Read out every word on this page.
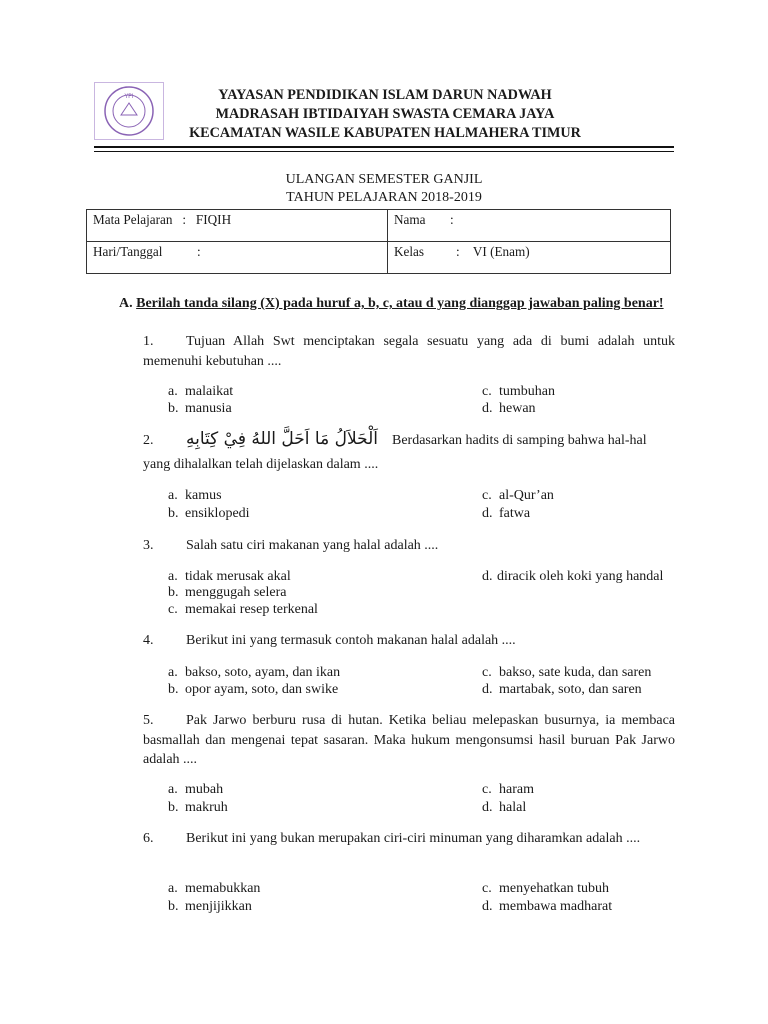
YPI	YAYASAN PENDIDIKAN ISLAM DARUN NADWAH
MADRASAH IBTIDAIYAH SWASTA CEMARA JAYA
KECAMATAN WASILE KABUPATEN HALMAHERA TIMUR
ULANGAN SEMESTER GANJIL
TAHUN PELAJARAN 2018-2019
Mata Pelajaran : FIQIH	Nama :
Hari/Tanggal :	Kelas : VI (Enam)
A. Berilah tanda silang (X) pada huruf a, b, c, atau d yang dianggap jawaban paling benar!
1. Tujuan Allah Swt menciptakan segala sesuatu yang ada di bumi adalah untuk memenuhi kebutuhan ....
a. malaikat
b. manusia
c. tumbuhan
d. hewan
2. اَلْحَلاَلُ مَا اَحَلَّ اللهُ فِيْ كِتَابِهِ Berdasarkan hadits di samping bahwa hal-hal
yang dihalalkan telah dijelaskan dalam ....
a. kamus
b. ensiklopedi
c. al-Qur’an
d. fatwa
3. Salah satu ciri makanan yang halal adalah ....
a. tidak merusak akal
b. menggugah selera
c. memakai resep terkenal
d. diracik oleh koki yang handal
4. Berikut ini yang termasuk contoh makanan halal adalah ....
a. bakso, soto, ayam, dan ikan
b. opor ayam, soto, dan swike
c. bakso, sate kuda, dan saren
d. martabak, soto, dan saren
5. Pak Jarwo berburu rusa di hutan. Ketika beliau melepaskan busurnya, ia membaca basmallah dan mengenai tepat sasaran. Maka hukum mengonsumsi hasil buruan Pak Jarwo adalah ....
a. mubah
b. makruh
c. haram
d. halal
6. Berikut ini yang bukan merupakan ciri-ciri minuman yang diharamkan adalah ....
a. memabukkan
b. menjijikkan
c. menyehatkan tubuh
d. membawa madharat
